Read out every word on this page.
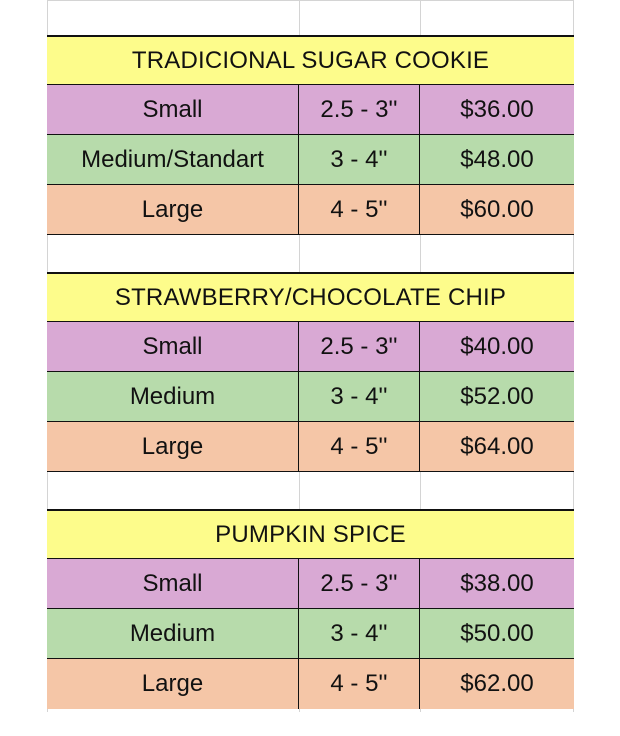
TRADICIONAL SUGAR COOKIE
Small	2.5 - 3''	$36.00
Medium/Standart	3 - 4''	$48.00
Large	4 - 5''	$60.00
STRAWBERRY/CHOCOLATE CHIP
Small	2.5 - 3''	$40.00
Medium	3 - 4''	$52.00
Large	4 - 5''	$64.00
PUMPKIN SPICE
Small	2.5 - 3''	$38.00
Medium	3 - 4''	$50.00
Large	4 - 5''	$62.00
